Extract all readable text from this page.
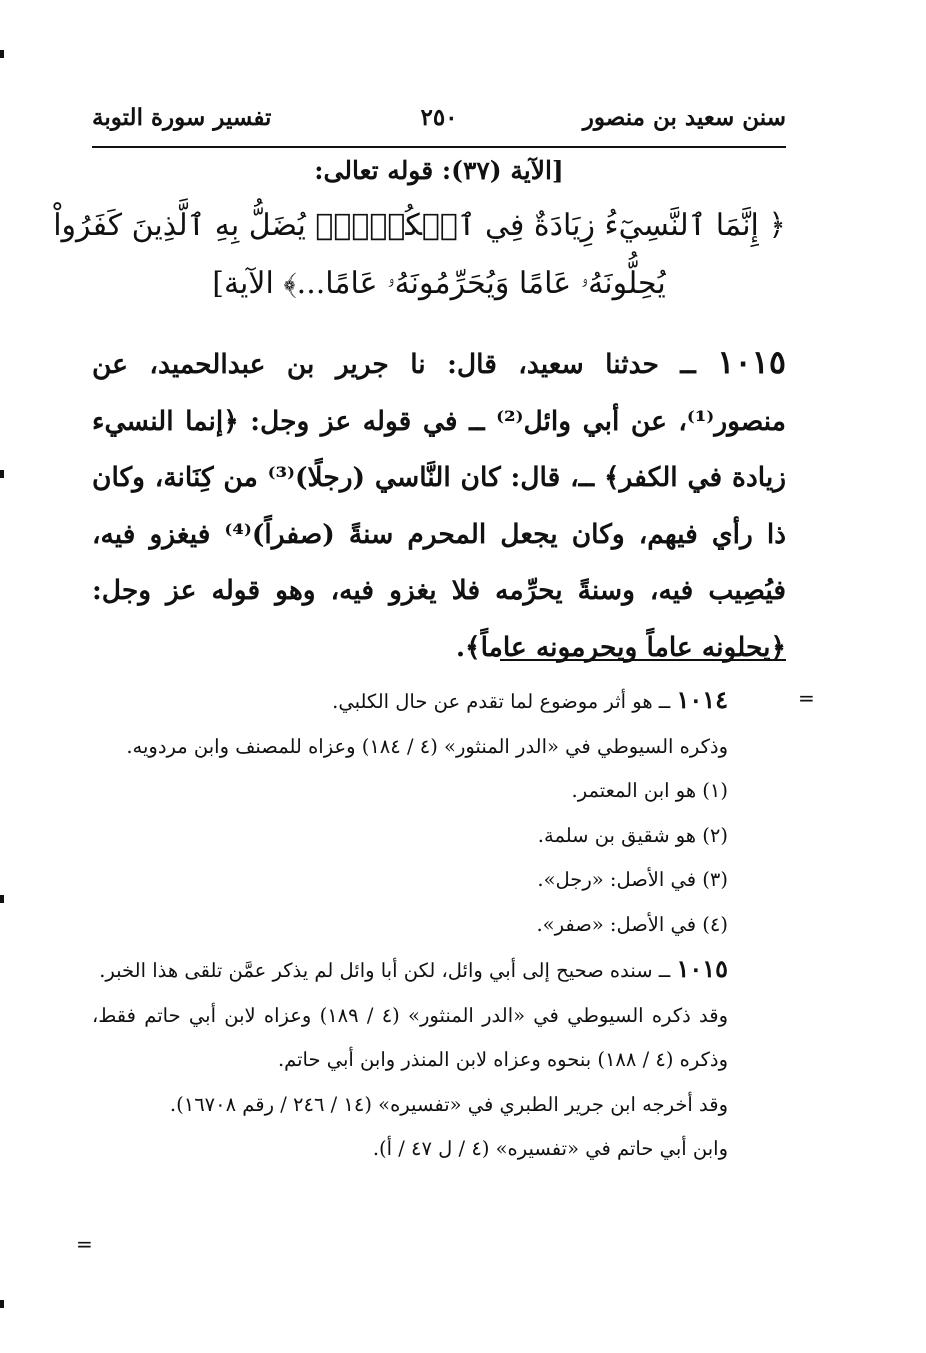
سنن سعيد بن منصور
٢٥٠
تفسير سورة التوبة
[الآية (٣٧): قوله تعالى:
﴿ إِنَّمَا ٱلنَّسِيٓءُ زِيَادَةٌ فِي ٱلۡكُفۡرِۖ يُضَلُّ بِهِ ٱلَّذِينَ كَفَرُواْ
يُحِلُّونَهُۥ عَامًا وَيُحَرِّمُونَهُۥ عَامًا...﴾ الآية]
١٠١٥ ــ حدثنا سعيد، قال: نا جرير بن عبدالحميد، عن منصور⁽¹⁾، عن أبي وائل⁽²⁾ ــ في قوله عز وجل: ﴿إنما النسيء زيادة في الكفر﴾ ــ، قال: كان النَّاسي (رجلًا)⁽³⁾ من كِنَانة، وكان ذا رأي فيهم، وكان يجعل المحرم سنةً (صفراً)⁽⁴⁾ فيغزو فيه، فيُصِيب فيه، وسنةً يحرِّمه فلا يغزو فيه، وهو قوله عز وجل: ﴿يحلونه عاماً ويحرمونه عاماً﴾.

١٠١٤ ــ هو أثر موضوع لما تقدم عن حال الكلبي.

وذكره السيوطي في «الدر المنثور» (٤ / ١٨٤) وعزاه للمصنف وابن مردويه.

(١) هو ابن المعتمر.

(٢) هو شقيق بن سلمة.

(٣) في الأصل: «رجل».

(٤) في الأصل: «صفر».

١٠١٥ ــ سنده صحيح إلى أبي وائل، لكن أبا وائل لم يذكر عمَّن تلقى هذا الخبر.

وقد ذكره السيوطي في «الدر المنثور» (٤ / ١٨٩) وعزاه لابن أبي حاتم فقط، وذكره (٤ / ١٨٨) بنحوه وعزاه لابن المنذر وابن أبي حاتم.

وقد أخرجه ابن جرير الطبري في «تفسيره» (١٤ / ٢٤٦ / رقم ١٦٧٠٨).

وابن أبي حاتم في «تفسيره» (٤ / ل ٤٧ / أ).

=
=
